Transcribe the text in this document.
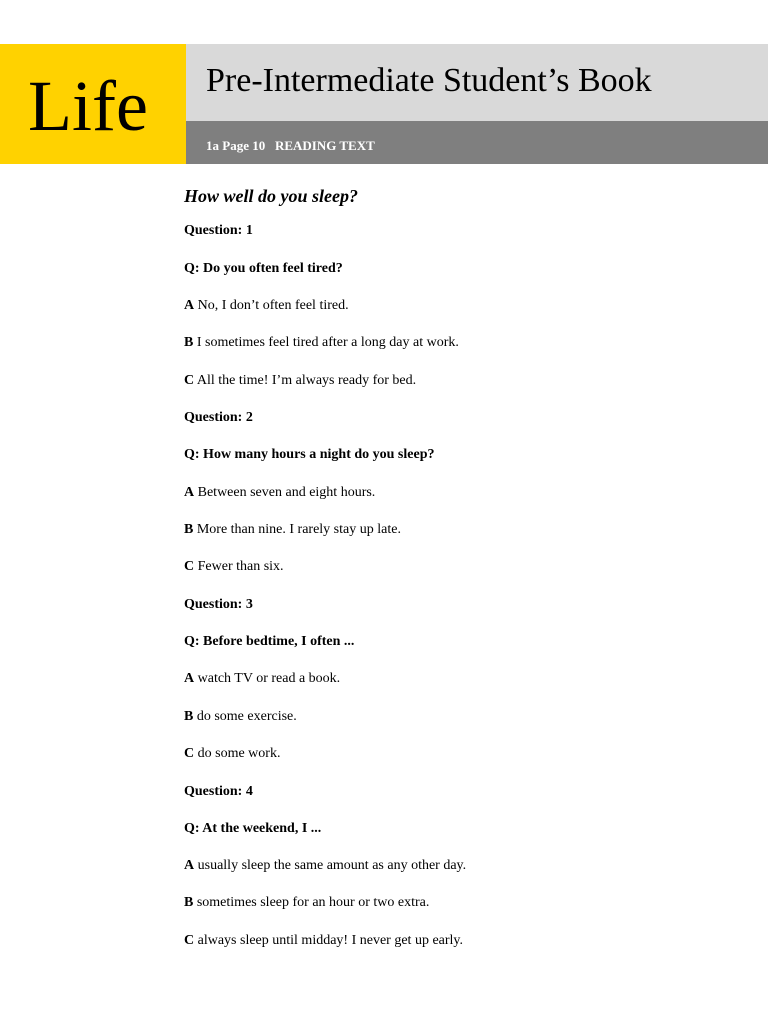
Life Pre-Intermediate Student’s Book
1a Page 10   READING TEXT
How well do you sleep?
Question: 1
Q: Do you often feel tired?
A No, I don’t often feel tired.
B I sometimes feel tired after a long day at work.
C All the time! I’m always ready for bed.
Question: 2
Q: How many hours a night do you sleep?
A Between seven and eight hours.
B More than nine. I rarely stay up late.
C Fewer than six.
Question: 3
Q: Before bedtime, I often ...
A watch TV or read a book.
B do some exercise.
C do some work.
Question: 4
Q: At the weekend, I ...
A usually sleep the same amount as any other day.
B sometimes sleep for an hour or two extra.
C always sleep until midday! I never get up early.
